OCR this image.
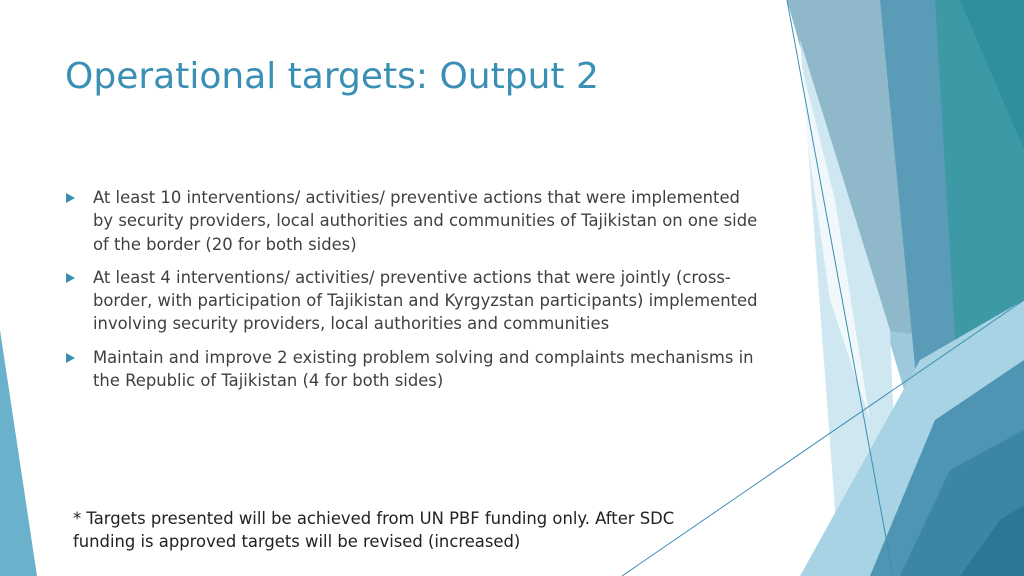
Operational targets: Output 2
At least 10 interventions/ activities/ preventive actions that were implemented by security providers, local authorities and communities of Tajikistan on one side of the border (20 for both sides)
At least 4 interventions/ activities/ preventive actions that were jointly (cross-border, with participation of Tajikistan and Kyrgyzstan participants) implemented involving security providers, local authorities and communities
Maintain and improve 2 existing problem solving and complaints mechanisms in the Republic of Tajikistan (4 for both sides)
* Targets presented will be achieved from UN PBF funding only. After SDC funding is approved targets will be revised (increased)
